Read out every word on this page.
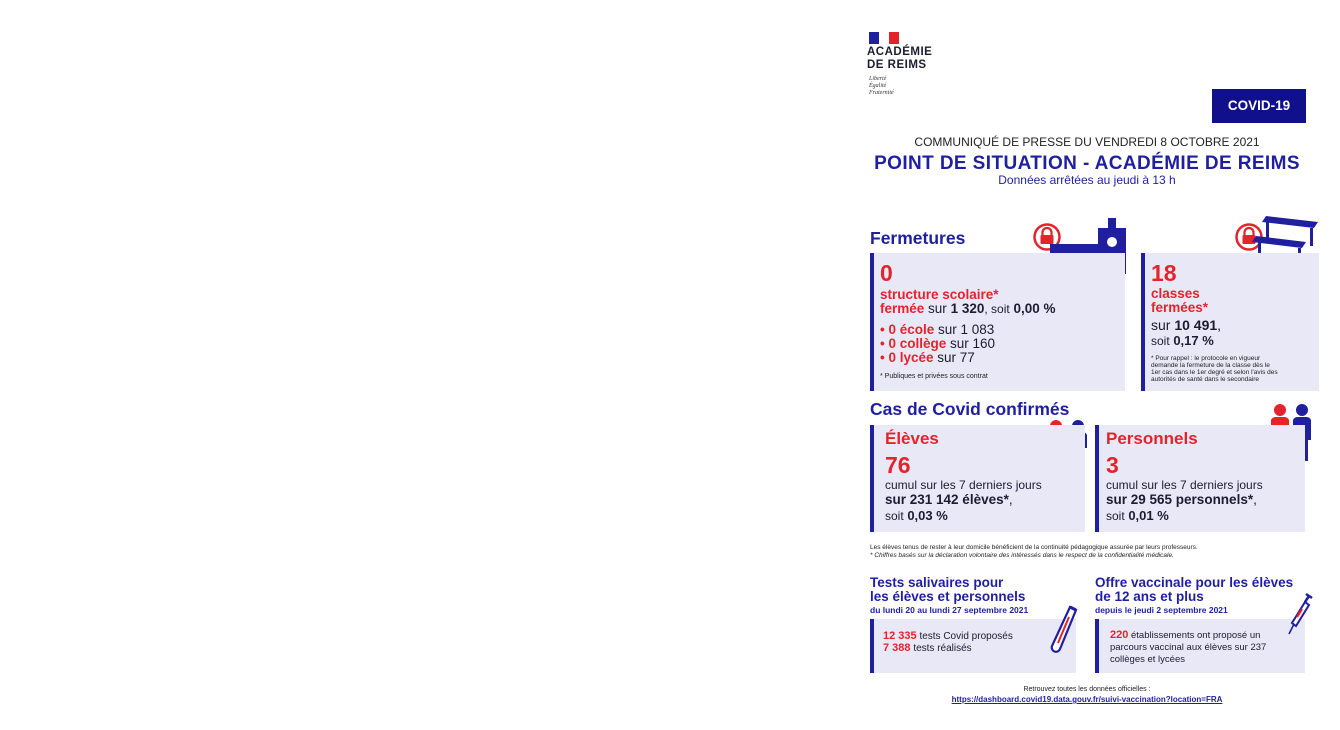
ACADÉMIE
DE REIMS
Liberté
Égalité
Fraternité
COVID-19
COMMUNIQUÉ DE PRESSE DU VENDREDI 8 OCTOBRE 2021
POINT DE SITUATION - ACADÉMIE DE REIMS
Données arrêtées au jeudi à 13 h
Fermetures
0
structure scolaire*
fermée sur 1 320, soit 0,00 %
• 0 école sur 1 083
• 0 collège sur 160
• 0 lycée sur 77
* Publiques et privées sous contrat
18
classes
fermées*
sur 10 491,
soit 0,17 %
* Pour rappel : le protocole en vigueur
demande la fermeture de la classe dès le
1er cas dans le 1er degré et selon l'avis des
autorités de santé dans le secondaire
Cas de Covid confirmés
Élèves
76
cumul sur les 7 derniers jours
sur 231 142 élèves*,
soit 0,03 %
Personnels
3
cumul sur les 7 derniers jours
sur 29 565 personnels*,
soit 0,01 %
Les élèves tenus de rester à leur domicile bénéficient de la continuité pédagogique assurée par leurs professeurs.
* Chiffres basés sur la déclaration volontaire des intéressés dans le respect de la confidentialité médicale.
Tests salivaires pour
les élèves et personnels
du lundi 20 au lundi 27 septembre 2021
12 335 tests Covid proposés
7 388 tests réalisés
Offre vaccinale pour les élèves
de 12 ans et plus
depuis le jeudi 2 septembre 2021
220 établissements ont proposé un
parcours vaccinal aux élèves sur 237
collèges et lycées
Retrouvez toutes les données officielles :
https://dashboard.covid19.data.gouv.fr/suivi-vaccination?location=FRA
